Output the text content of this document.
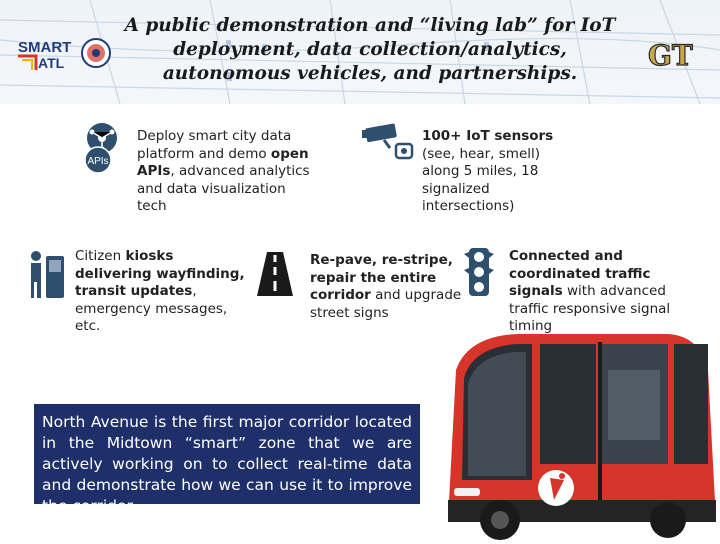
SMART
ATL
A public demonstration and “living lab” for IoT deployment, data collection/analytics, autonomous vehicles, and partnerships.
GT
APIs
Deploy smart city data platform and demo open APIs, advanced analytics and data visualization tech
100+ IoT sensors (see, hear, smell) along 5 miles, 18 signalized intersections)
Citizen kiosks delivering wayfinding, transit updates, emergency messages, etc.
Re-pave, re-stripe, repair the entire corridor and upgrade street signs
Connected and coordinated traffic signals with advanced traffic responsive signal timing

North Avenue is the first major corridor located in the Midtown “smart” zone that we are actively working on to collect real-time data and demonstrate how we can use it to improve the corridor.
